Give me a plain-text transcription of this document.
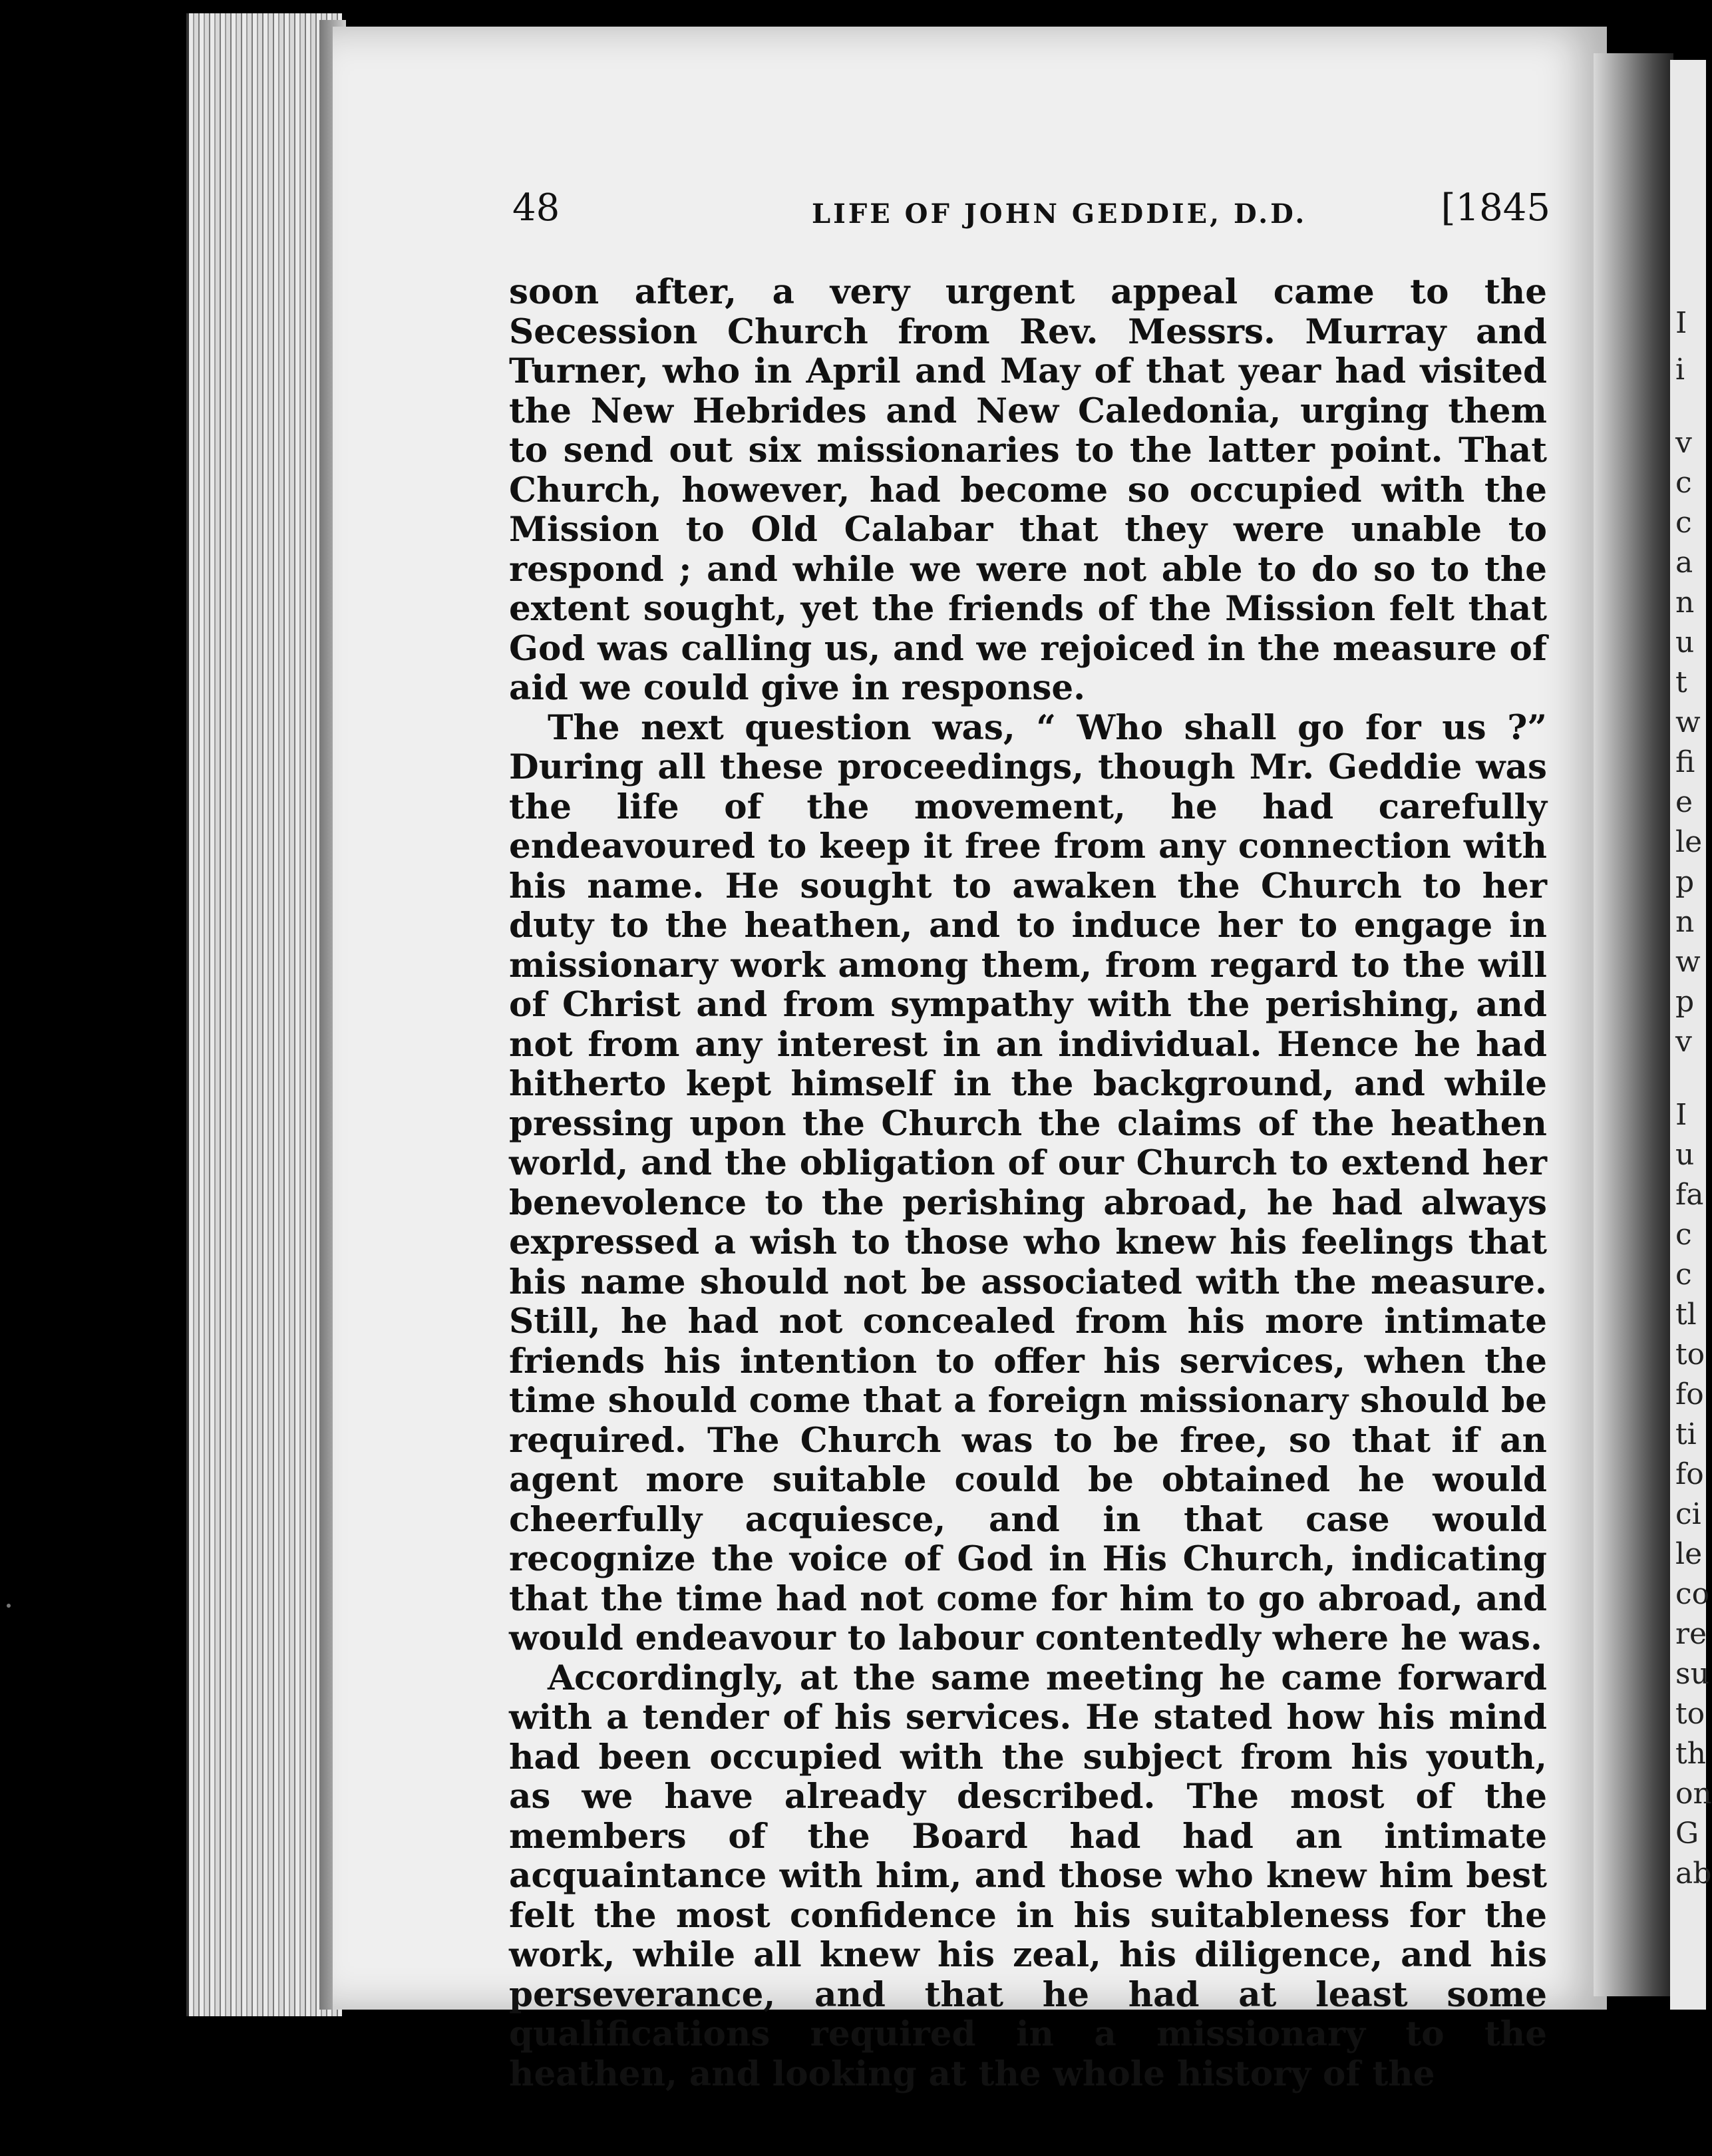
I
i
v
c
c
a
n
u
t
w
fi
e
le
p
n
w
p
v
I
u
fa
c
c
tl
to
fo
ti
fo
ci
le
co
re
su
to
th
on
G
ab
48	LIFE OF JOHN GEDDIE, D.D.	[1845

soon after, a very urgent appeal came to the Secession Church from Rev. Messrs. Murray and Turner, who in April and May of that year had visited the New Hebrides and New Caledonia, urging them to send out six missionaries to the latter point. That Church, however, had become so occupied with the Mission to Old Calabar that they were unable to respond ; and while we were not able to do so to the extent sought, yet the friends of the Mission felt that God was calling us, and we rejoiced in the measure of aid we could give in response.

The next question was, “ Who shall go for us ?” During all these proceedings, though Mr. Geddie was the life of the movement, he had carefully endeavoured to keep it free from any connection with his name. He sought to awaken the Church to her duty to the heathen, and to induce her to engage in missionary work among them, from regard to the will of Christ and from sympathy with the perishing, and not from any interest in an individual. Hence he had hitherto kept himself in the background, and while pressing upon the Church the claims of the heathen world, and the obligation of our Church to extend her benevolence to the perishing abroad, he had always expressed a wish to those who knew his feelings that his name should not be associated with the measure. Still, he had not concealed from his more intimate friends his intention to offer his services, when the time should come that a foreign missionary should be required. The Church was to be free, so that if an agent more suitable could be obtained he would cheerfully acquiesce, and in that case would recognize the voice of God in His Church, indicating that the time had not come for him to go abroad, and would endeavour to labour contentedly where he was.

Accordingly, at the same meeting he came forward with a tender of his services. He stated how his mind had been occupied with the subject from his youth, as we have already described. The most of the members of the Board had had an intimate acquaintance with him, and those who knew him best felt the most confidence in his suitableness for the work, while all knew his zeal, his diligence, and his perseverance, and that he had at least some qualifications required in a missionary to the heathen, and looking at the whole history of the
